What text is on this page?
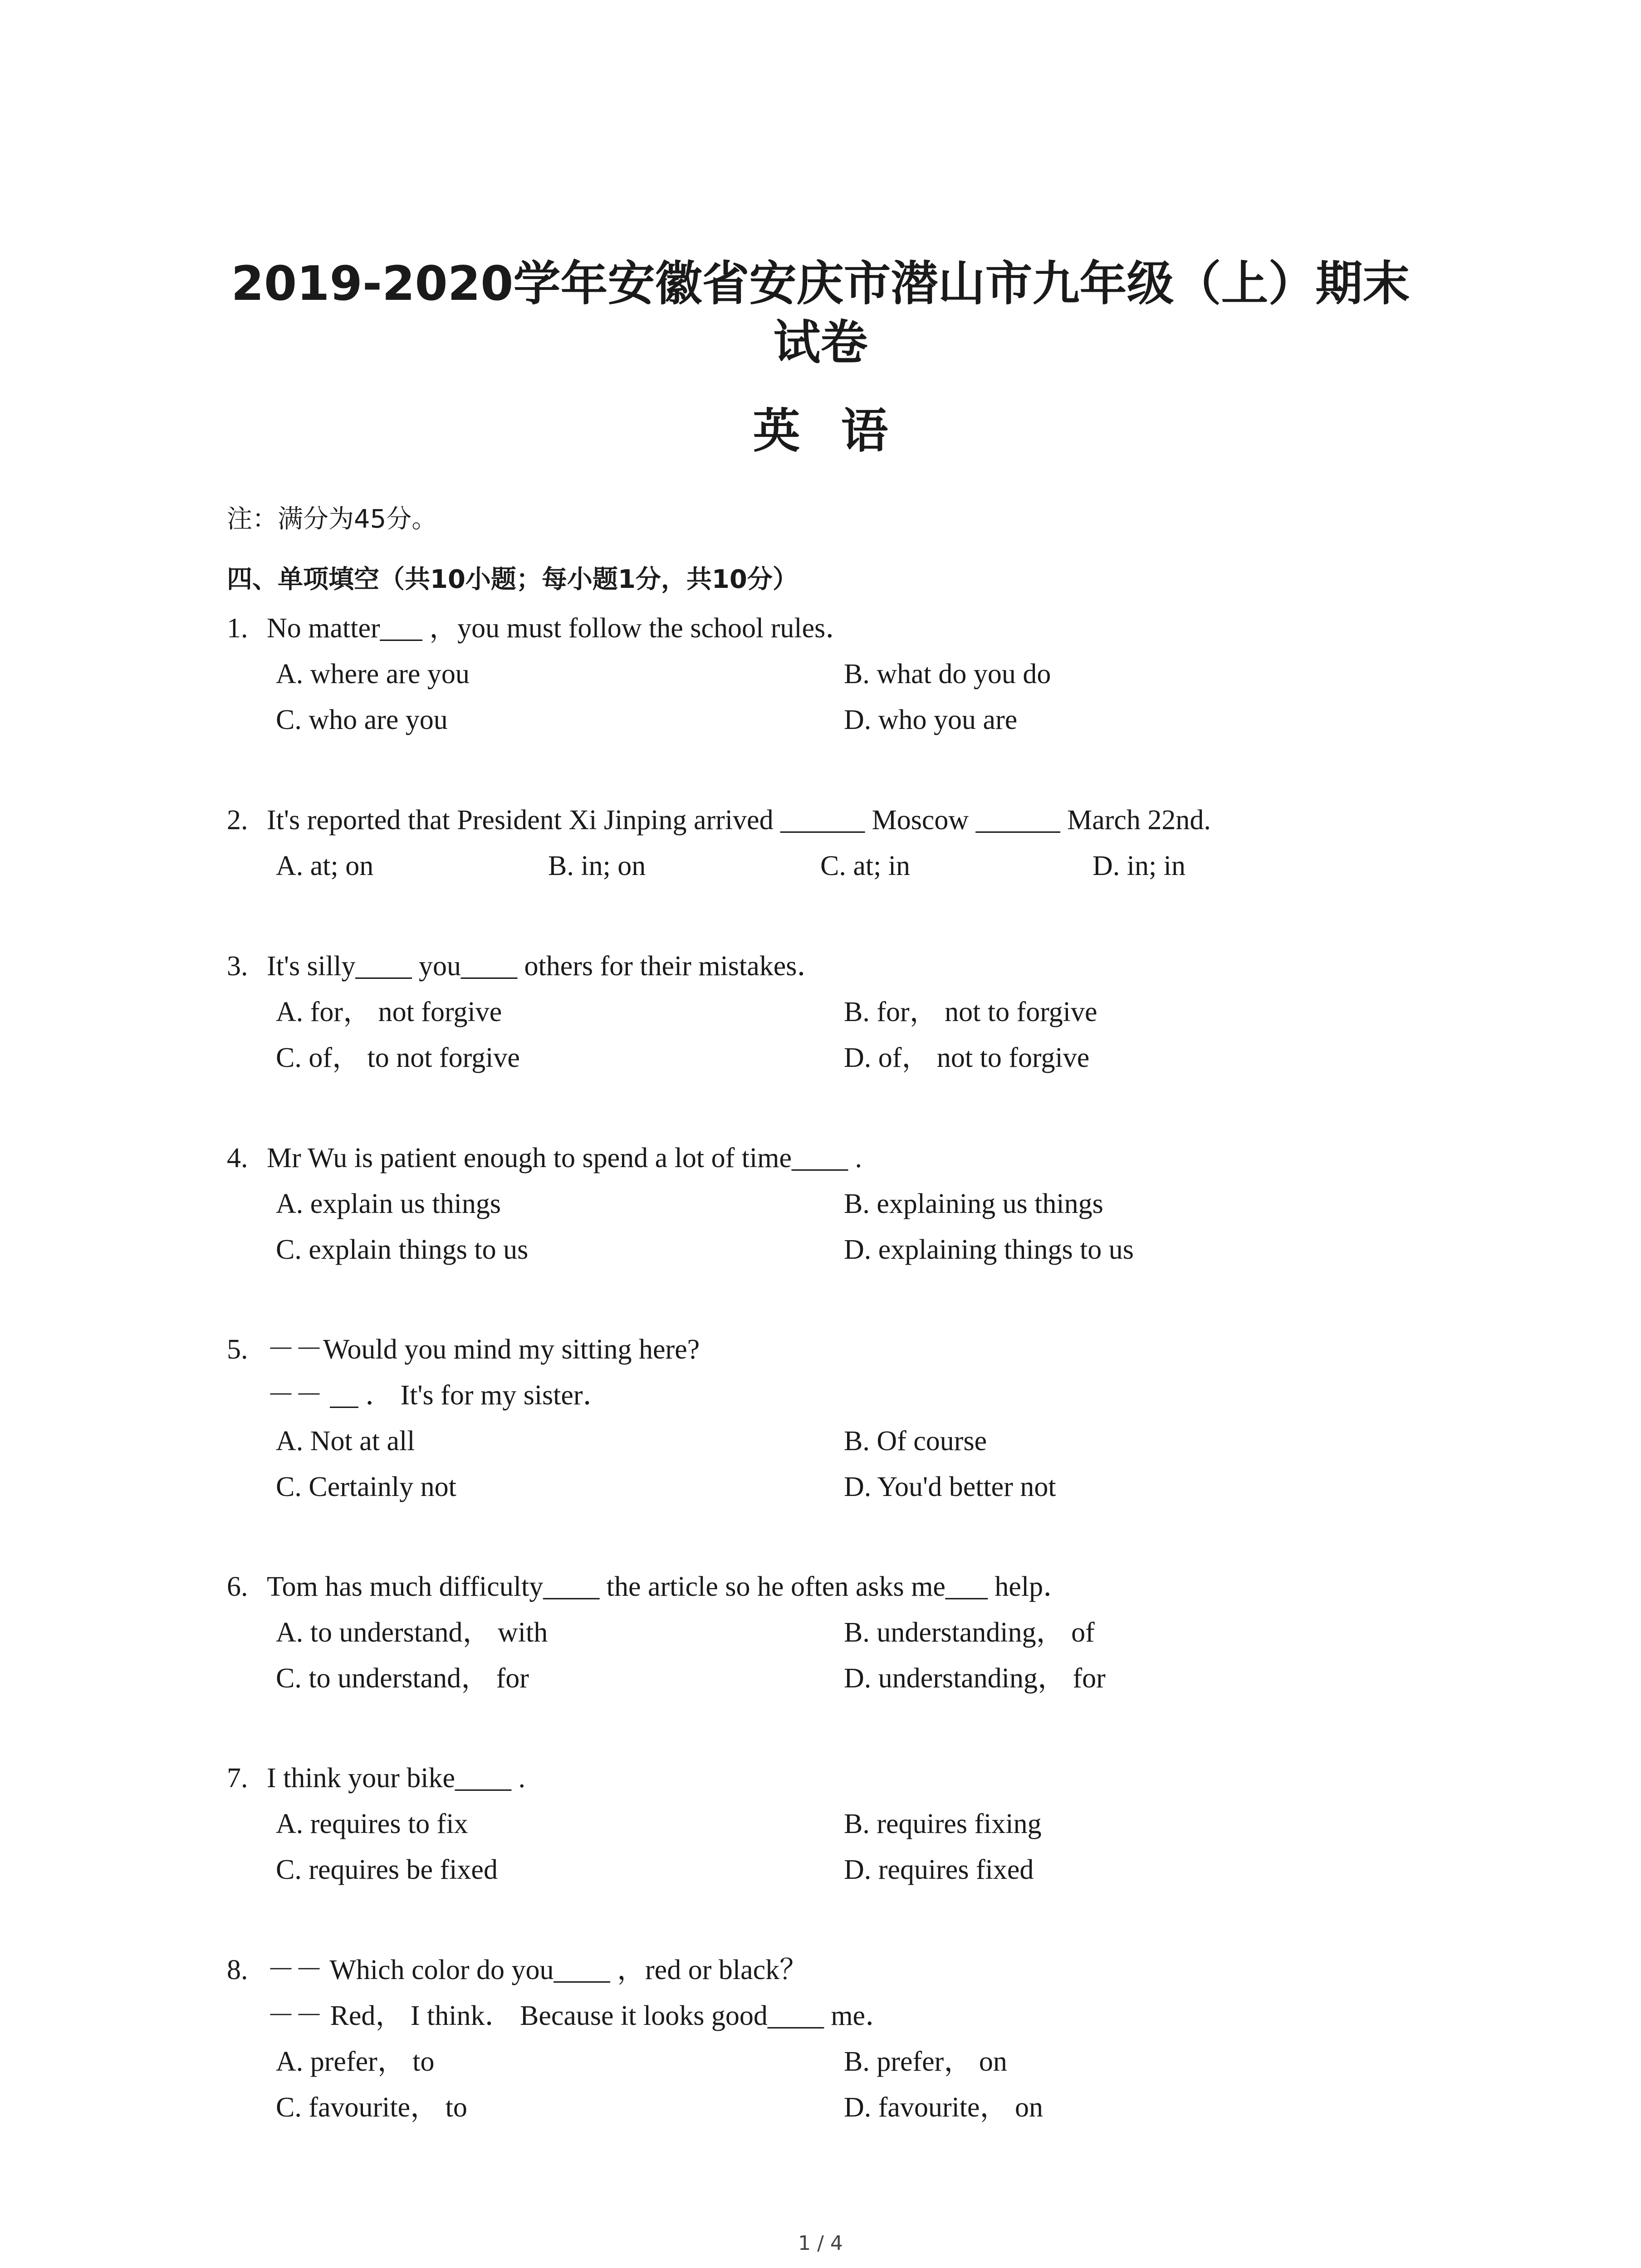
2019-2020学年安徽省安庆市潜山市九年级（上）期末
试卷
英语
注：满分为45分。
四、单项填空（共10小题；每小题1分，共10分）
1. No matter___ ，you must follow the school rules．
A. where are you	B. what do you do
C. who are you	D. who you are
2. It's reported that President Xi Jinping arrived ______ Moscow ______ March 22nd.
A. at; on	B. in; on	C. at; in	D. in; in
3. It's silly____ you____ others for their mistakes．
A. for， not forgive	B. for， not to forgive
C. of， to not forgive	D. of， not to forgive
4. Mr Wu is patient enough to spend a lot of time____ .
A. explain us things	B. explaining us things
C. explain things to us	D. explaining things to us
5. －－Would you mind my sitting here?
－－ __ ． It's for my sister．
A. Not at all	B. Of course
C. Certainly not	D. You'd better not
6. Tom has much difficulty____ the article so he often asks me___ help．
A. to understand， with	B. understanding， of
C. to understand， for	D. understanding， for
7. I think your bike____ .
A. requires to fix	B. requires fixing
C. requires be fixed	D. requires fixed
8. －－ Which color do you____ ，red or black？
－－ Red， I think． Because it looks good____ me．
A. prefer， to	B. prefer， on
C. favourite， to	D. favourite， on
1 / 4
